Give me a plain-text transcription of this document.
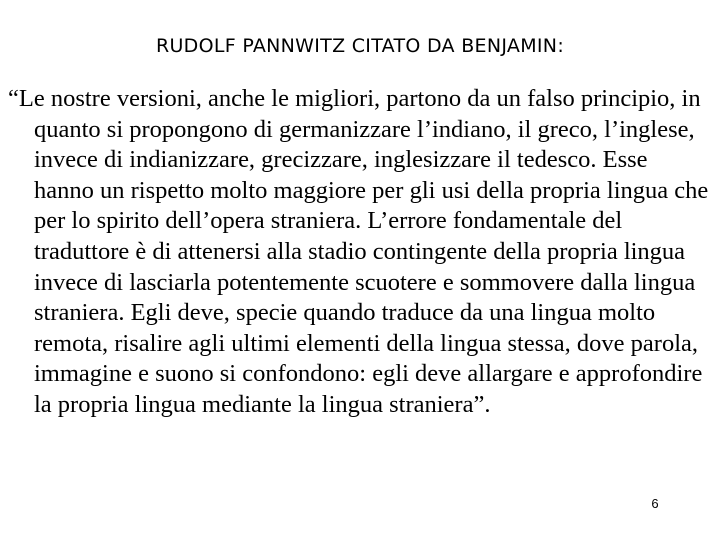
RUDOLF PANNWITZ CITATO DA BENJAMIN:

“Le nostre versioni, anche le migliori, partono da un falso principio, in quanto si propongono di germanizzare l’indiano, il greco, l’inglese, invece di indianizzare, grecizzare, inglesizzare il tedesco. Esse hanno un rispetto molto maggiore per gli usi della propria lingua che per lo spirito dell’opera straniera. L’errore fondamentale del traduttore è di attenersi alla stadio contingente della propria lingua invece di lasciarla potentemente scuotere e sommovere dalla lingua straniera. Egli deve, specie quando traduce da una lingua molto remota, risalire agli ultimi elementi della lingua stessa, dove parola, immagine e suono si confondono: egli deve allargare e approfondire la propria lingua mediante la lingua straniera”.

6
